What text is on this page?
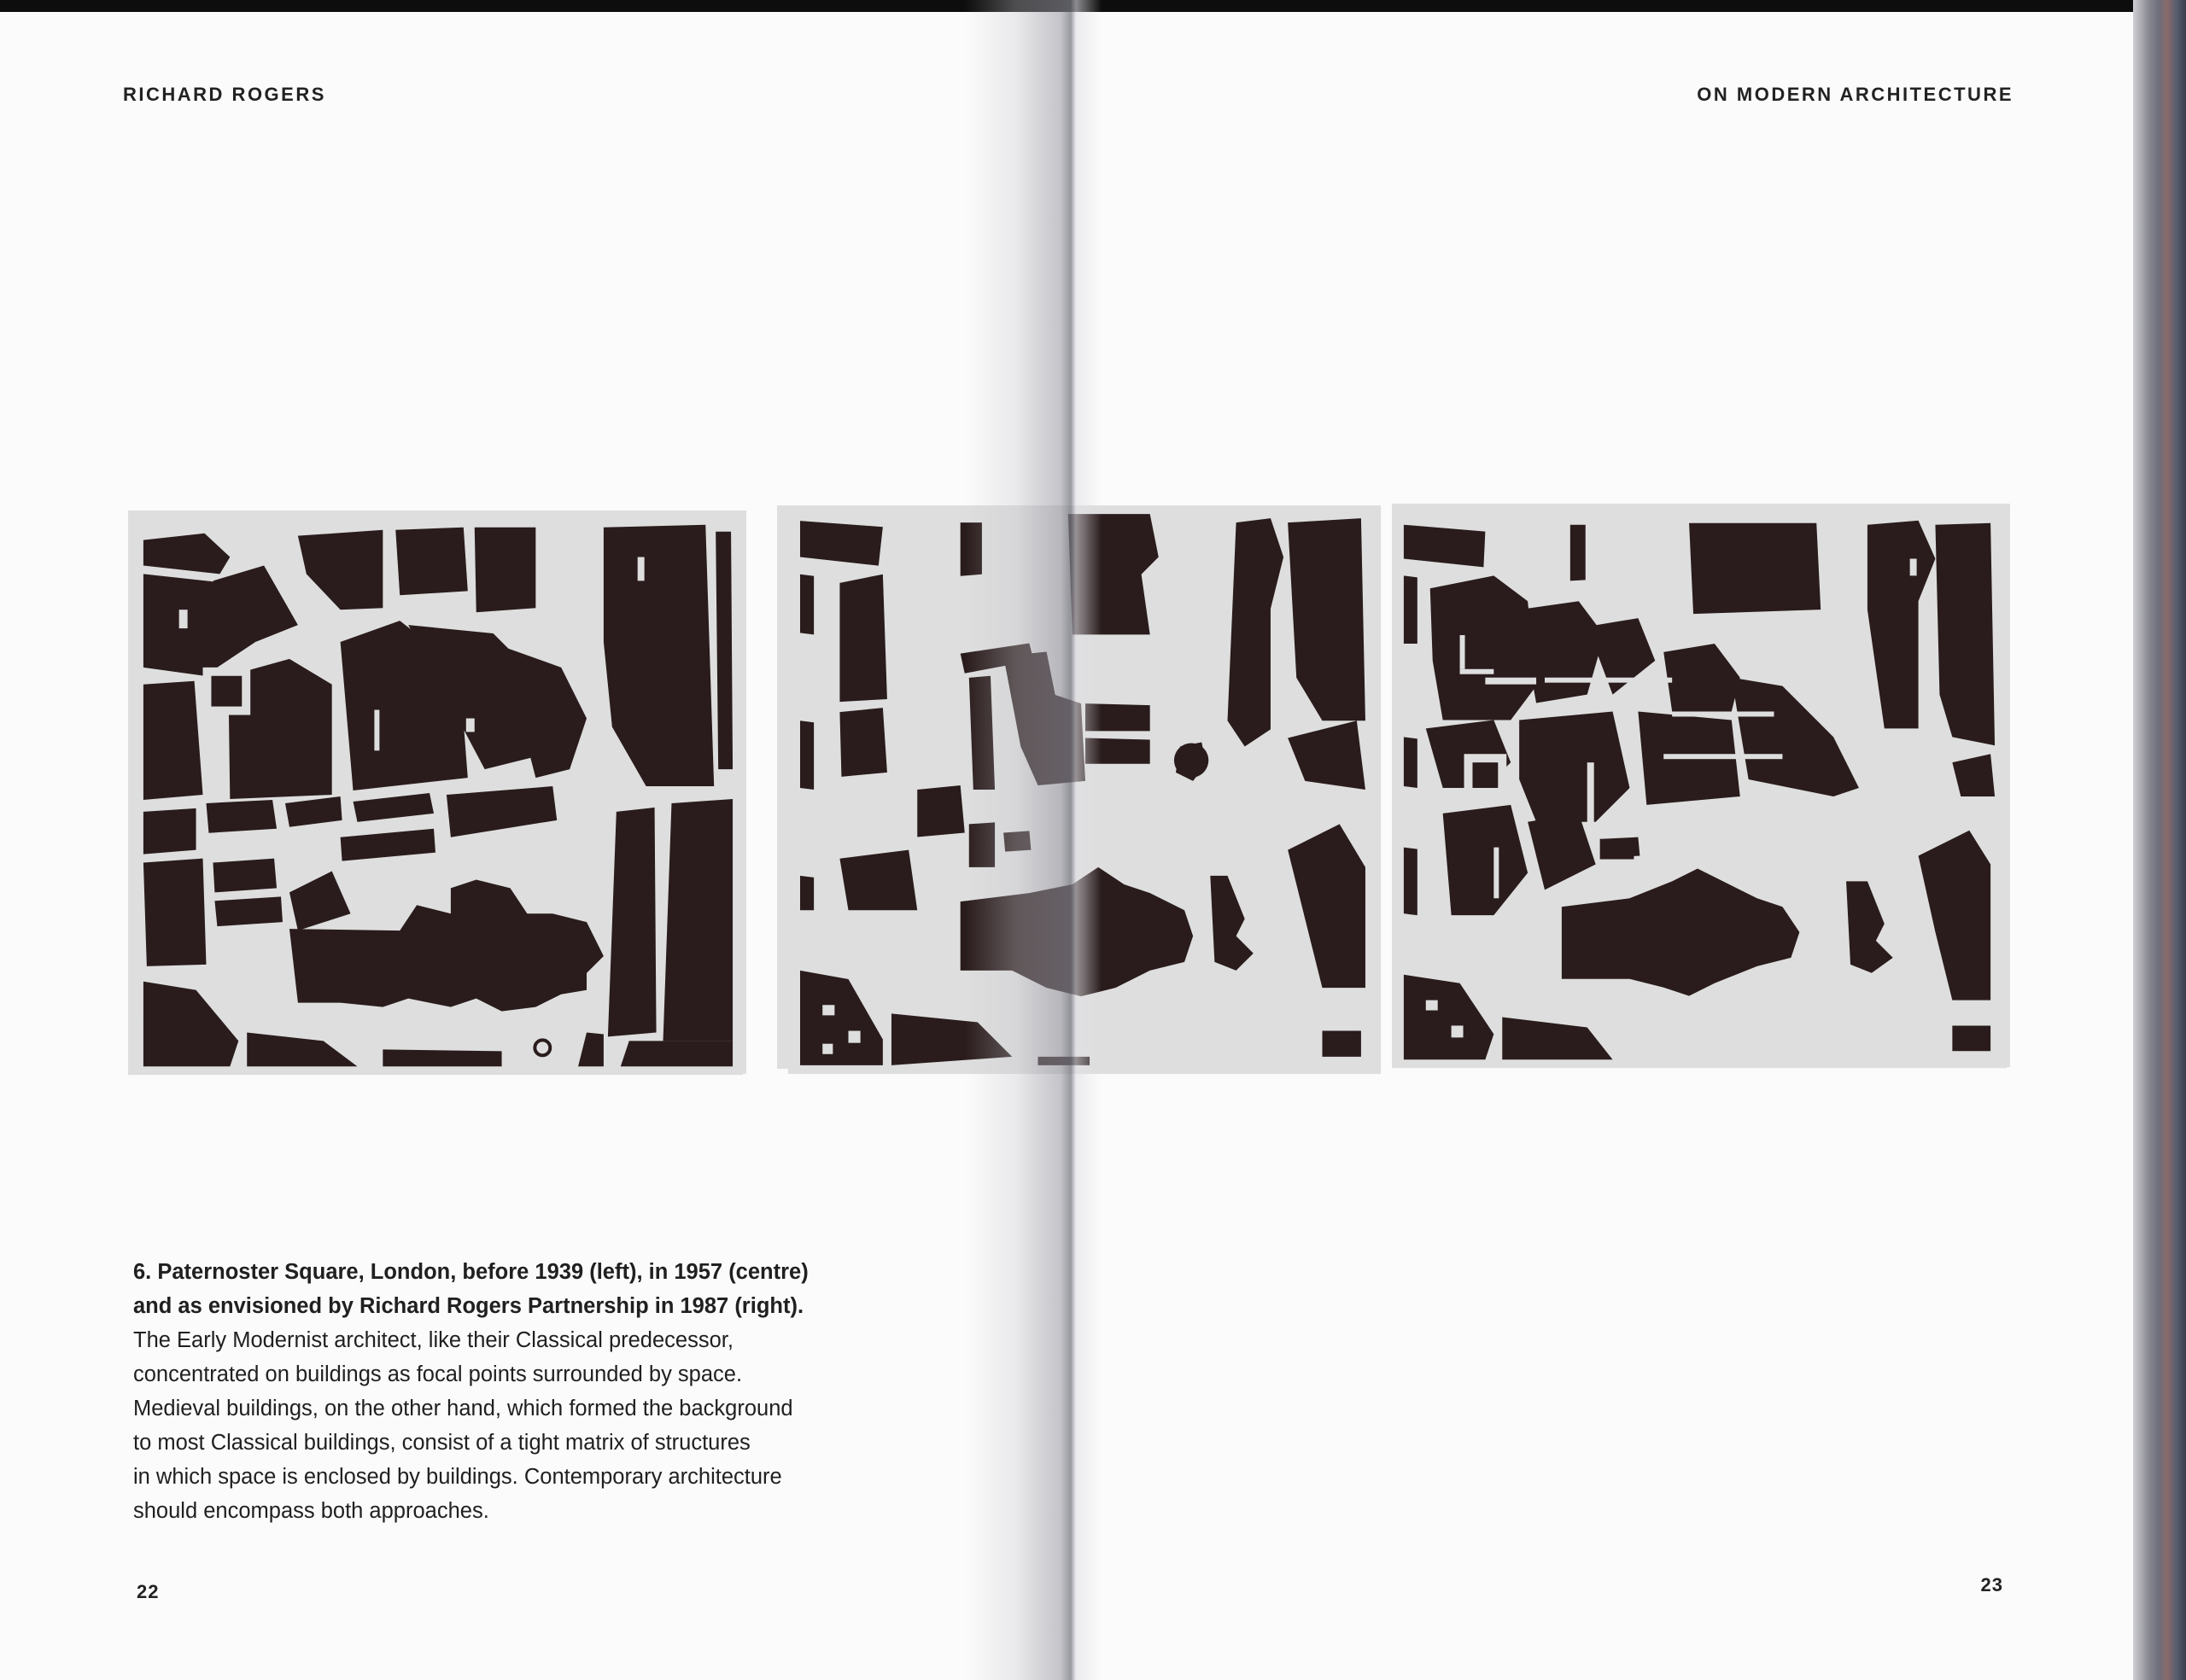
RICHARD ROGERS	ON MODERN ARCHITECTURE
6. Paternoster Square, London, before 1939 (left), in 1957 (centre)
and as envisioned by Richard Rogers Partnership in 1987 (right).
The Early Modernist architect, like their Classical predecessor,
concentrated on buildings as focal points surrounded by space.
Medieval buildings, on the other hand, which formed the background
to most Classical buildings, consist of a tight matrix of structures
in which space is enclosed by buildings. Contemporary architecture
should encompass both approaches.
22	23
